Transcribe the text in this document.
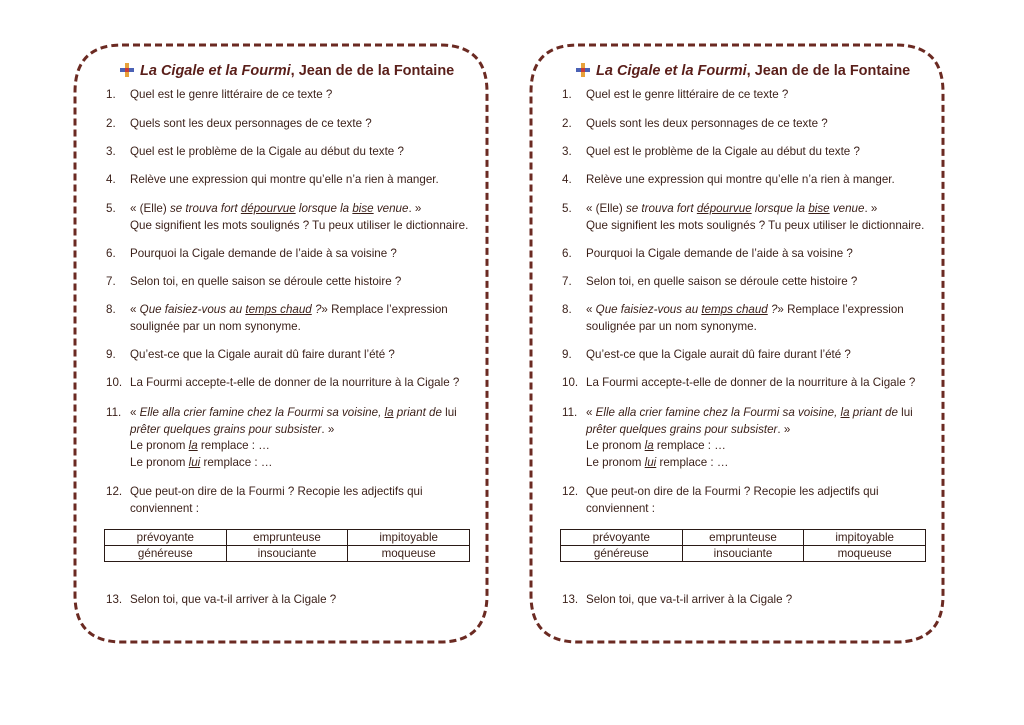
La Cigale et la Fourmi, Jean de de la Fontaine
1.	Quel est le genre littéraire de ce texte ?
2.	Quels sont les deux personnages de ce texte ?
3.	Quel est le problème de la Cigale au début du texte ?
4.	Relève une expression qui montre qu’elle n’a rien à manger.
5.	« (Elle) se trouva fort dépourvue lorsque la bise venue. »
Que signifient les mots soulignés ? Tu peux utiliser le dictionnaire.
6.	Pourquoi la Cigale demande de l’aide à sa voisine ?
7.	Selon toi, en quelle saison se déroule cette histoire ?
8.	« Que faisiez-vous au temps chaud ?» Remplace l’expression
soulignée par un nom synonyme.
9.	Qu’est-ce que la Cigale aurait dû faire durant l’été ?
10. La Fourmi accepte-t-elle de donner de la nourriture à la Cigale ?
11. « Elle alla crier famine chez la Fourmi sa voisine, la priant de lui
prêter quelques grains pour subsister. »
Le pronom la remplace : …
Le pronom lui remplace : …
12. Que peut-on dire de la Fourmi ? Recopie les adjectifs qui
conviennent :
prévoyante	emprunteuse	impitoyable
généreuse	insouciante	moqueuse
13. Selon toi, que va-t-il arriver à la Cigale ?
La Cigale et la Fourmi, Jean de de la Fontaine
1.	Quel est le genre littéraire de ce texte ?
2.	Quels sont les deux personnages de ce texte ?
3.	Quel est le problème de la Cigale au début du texte ?
4.	Relève une expression qui montre qu’elle n’a rien à manger.
5.	« (Elle) se trouva fort dépourvue lorsque la bise venue. »
Que signifient les mots soulignés ? Tu peux utiliser le dictionnaire.
6.	Pourquoi la Cigale demande de l’aide à sa voisine ?
7.	Selon toi, en quelle saison se déroule cette histoire ?
8.	« Que faisiez-vous au temps chaud ?» Remplace l’expression
soulignée par un nom synonyme.
9.	Qu’est-ce que la Cigale aurait dû faire durant l’été ?
10. La Fourmi accepte-t-elle de donner de la nourriture à la Cigale ?
11. « Elle alla crier famine chez la Fourmi sa voisine, la priant de lui
prêter quelques grains pour subsister. »
Le pronom la remplace : …
Le pronom lui remplace : …
12. Que peut-on dire de la Fourmi ? Recopie les adjectifs qui
conviennent :
prévoyante	emprunteuse	impitoyable
généreuse	insouciante	moqueuse
13. Selon toi, que va-t-il arriver à la Cigale ?
